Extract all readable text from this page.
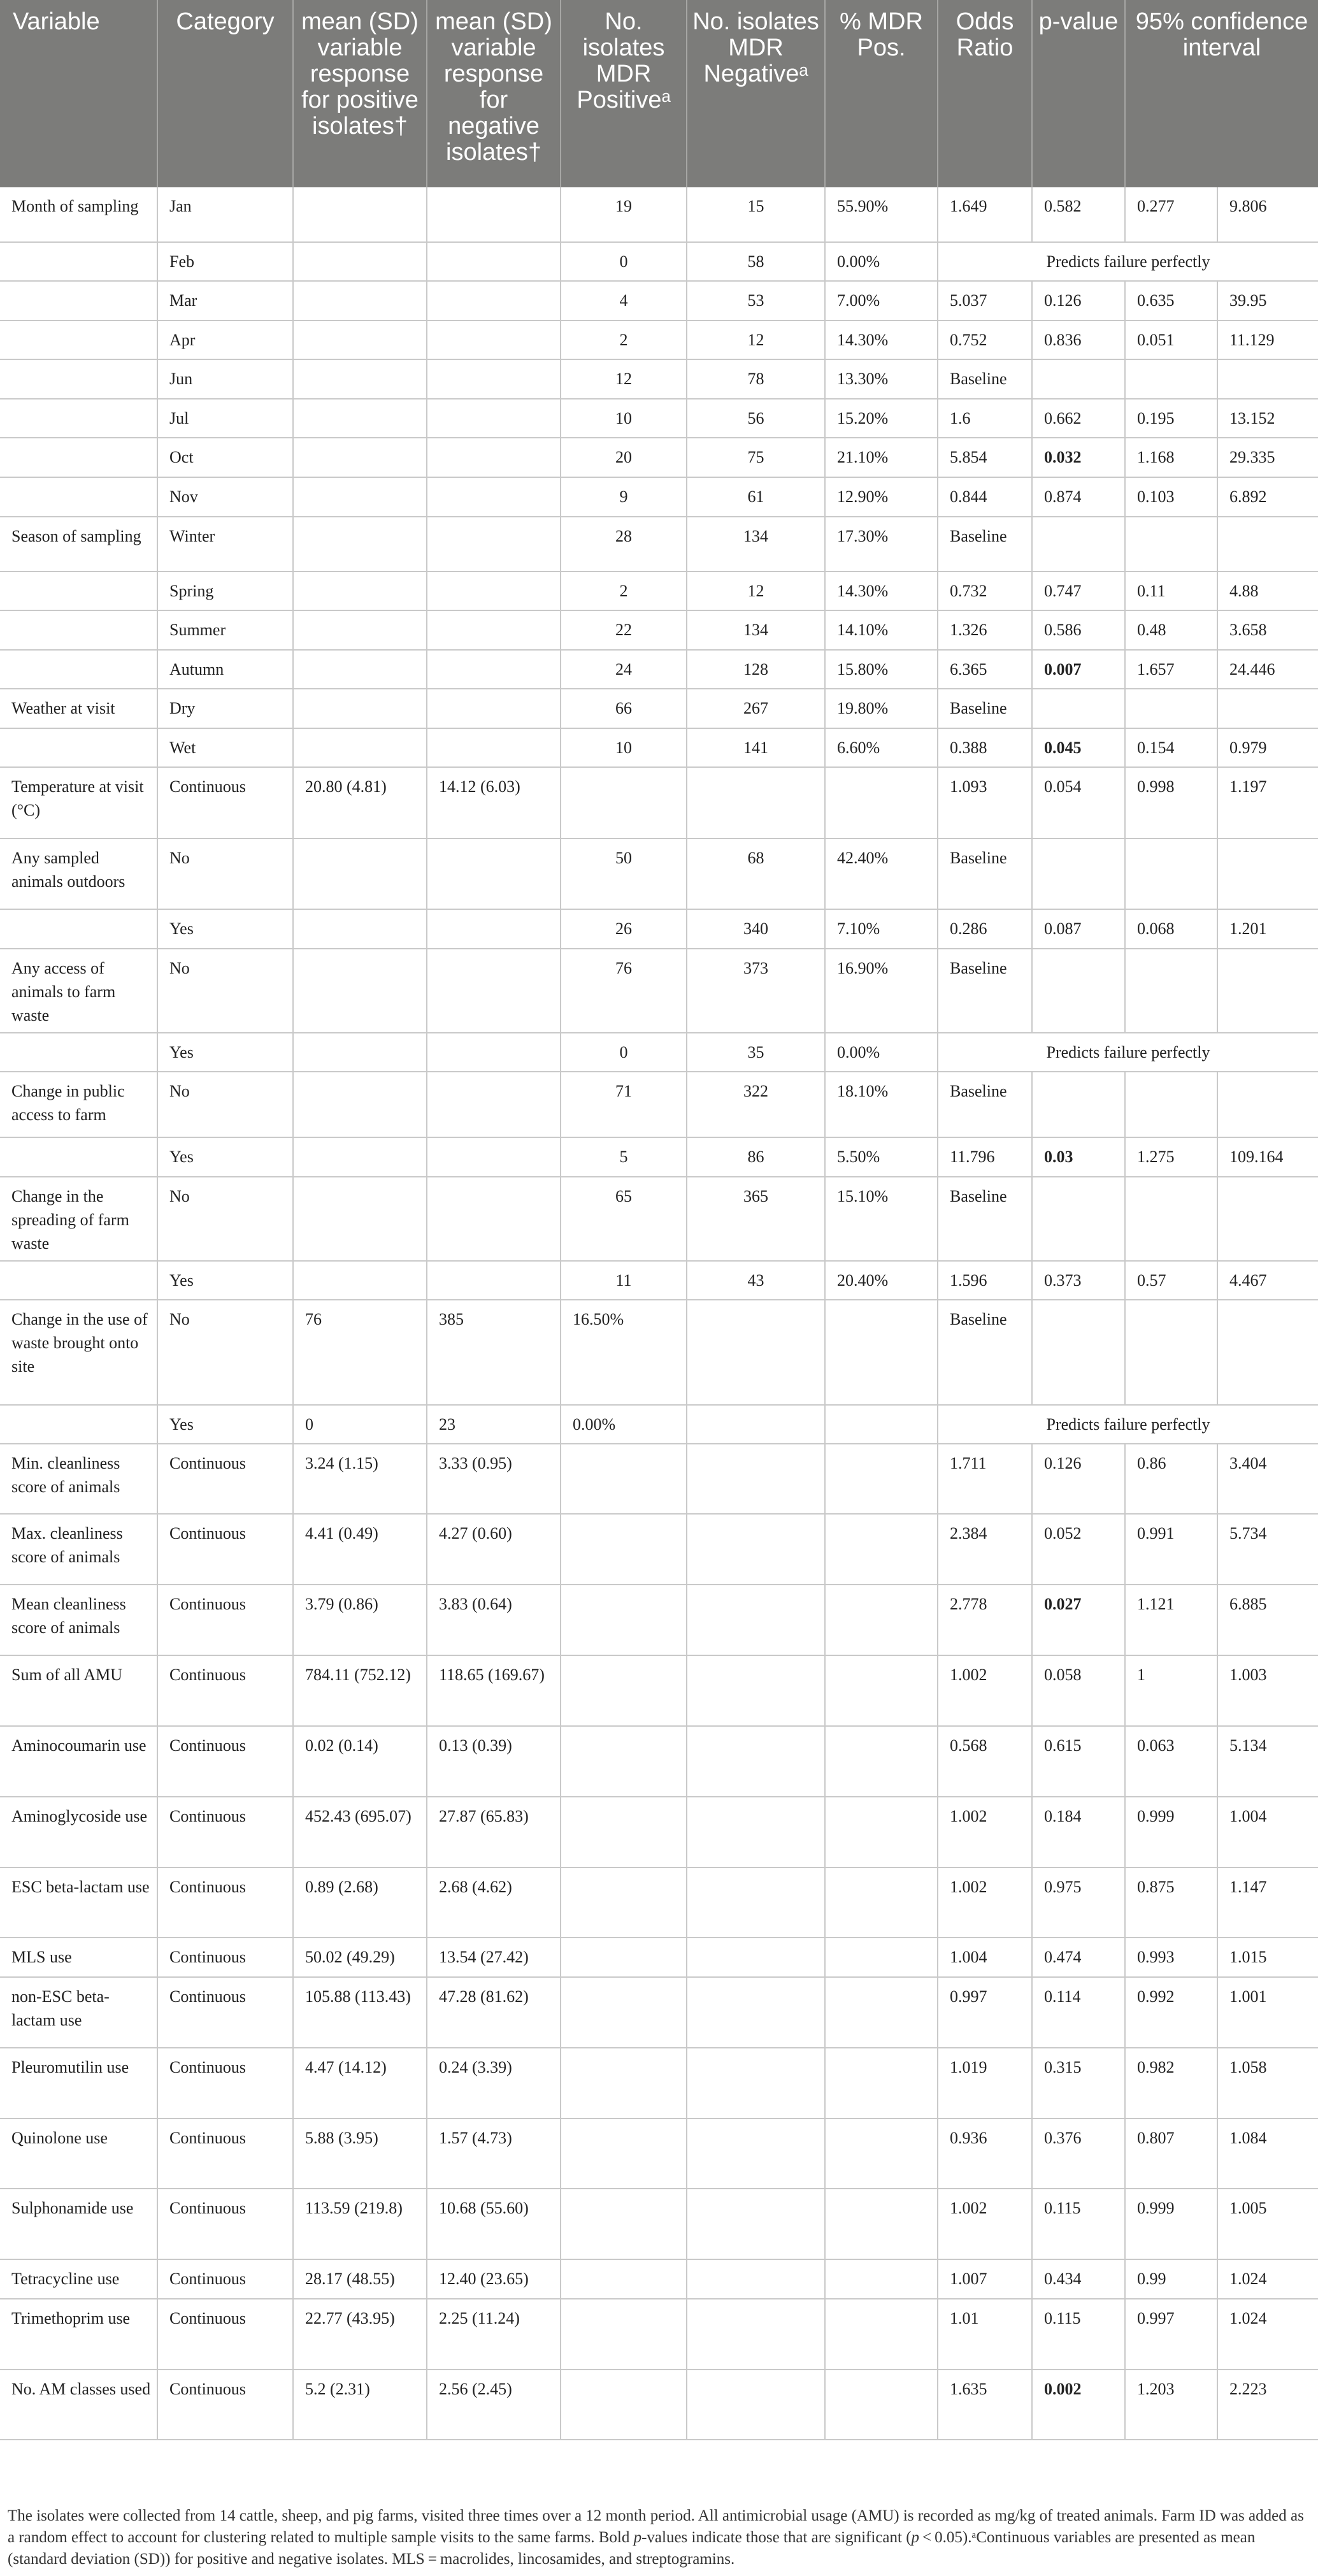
Variable	Category	mean (SD) variable response for positive isolates†	mean (SD) variable response for negative isolates†	No. isolates MDR Positiveᵃ	No. isolates MDR Negativeᵃ	% MDR Pos.	Odds Ratio	p-value	95% confidence interval	
Month of sampling	Jan			19	15	55.90%	1.649	0.582	0.277	9.806
	Feb			0	58	0.00%	Predicts failure perfectly			
	Mar			4	53	7.00%	5.037	0.126	0.635	39.95
	Apr			2	12	14.30%	0.752	0.836	0.051	11.129
	Jun			12	78	13.30%	Baseline			
	Jul			10	56	15.20%	1.6	0.662	0.195	13.152
	Oct			20	75	21.10%	5.854	0.032	1.168	29.335
	Nov			9	61	12.90%	0.844	0.874	0.103	6.892
Season of sampling	Winter			28	134	17.30%	Baseline			
	Spring			2	12	14.30%	0.732	0.747	0.11	4.88
	Summer			22	134	14.10%	1.326	0.586	0.48	3.658
	Autumn			24	128	15.80%	6.365	0.007	1.657	24.446
Weather at visit	Dry			66	267	19.80%	Baseline			
	Wet			10	141	6.60%	0.388	0.045	0.154	0.979
Temperature at visit (°C)	Continuous	20.80 (4.81)	14.12 (6.03)				1.093	0.054	0.998	1.197
Any sampled animals outdoors	No			50	68	42.40%	Baseline			
	Yes			26	340	7.10%	0.286	0.087	0.068	1.201
Any access of animals to farm waste	No			76	373	16.90%	Baseline			
	Yes			0	35	0.00%	Predicts failure perfectly			
Change in public access to farm	No			71	322	18.10%	Baseline			
	Yes			5	86	5.50%	11.796	0.03	1.275	109.164
Change in the spreading of farm waste	No			65	365	15.10%	Baseline			
	Yes			11	43	20.40%	1.596	0.373	0.57	4.467
Change in the use of waste brought onto site	No	76	385	16.50%			Baseline			
	Yes	0	23	0.00%			Predicts failure perfectly			
Min. cleanliness score of animals	Continuous	3.24 (1.15)	3.33 (0.95)				1.711	0.126	0.86	3.404
Max. cleanliness score of animals	Continuous	4.41 (0.49)	4.27 (0.60)				2.384	0.052	0.991	5.734
Mean cleanliness score of animals	Continuous	3.79 (0.86)	3.83 (0.64)				2.778	0.027	1.121	6.885
Sum of all AMU	Continuous	784.11 (752.12)	118.65 (169.67)				1.002	0.058	1	1.003
Aminocoumarin use	Continuous	0.02 (0.14)	0.13 (0.39)				0.568	0.615	0.063	5.134
Aminoglycoside use	Continuous	452.43 (695.07)	27.87 (65.83)				1.002	0.184	0.999	1.004
ESC beta-lactam use	Continuous	0.89 (2.68)	2.68 (4.62)				1.002	0.975	0.875	1.147
MLS use	Continuous	50.02 (49.29)	13.54 (27.42)				1.004	0.474	0.993	1.015
non-ESC beta-lactam use	Continuous	105.88 (113.43)	47.28 (81.62)				0.997	0.114	0.992	1.001
Pleuromutilin use	Continuous	4.47 (14.12)	0.24 (3.39)				1.019	0.315	0.982	1.058
Quinolone use	Continuous	5.88 (3.95)	1.57 (4.73)				0.936	0.376	0.807	1.084
Sulphonamide use	Continuous	113.59 (219.8)	10.68 (55.60)				1.002	0.115	0.999	1.005
Tetracycline use	Continuous	28.17 (48.55)	12.40 (23.65)				1.007	0.434	0.99	1.024
Trimethoprim use	Continuous	22.77 (43.95)	2.25 (11.24)				1.01	0.115	0.997	1.024
No. AM classes used	Continuous	5.2 (2.31)	2.56 (2.45)				1.635	0.002	1.203	2.223
The isolates were collected from 14 cattle, sheep, and pig farms, visited three times over a 12 month period. All antimicrobial usage (AMU) is recorded as mg/kg of treated animals. Farm ID was added as a random effect to account for clustering related to multiple sample visits to the same farms. Bold p-values indicate those that are significant (p < 0.05).ᵃContinuous variables are presented as mean (standard deviation (SD)) for positive and negative isolates. MLS = macrolides, lincosamides, and streptogramins.
